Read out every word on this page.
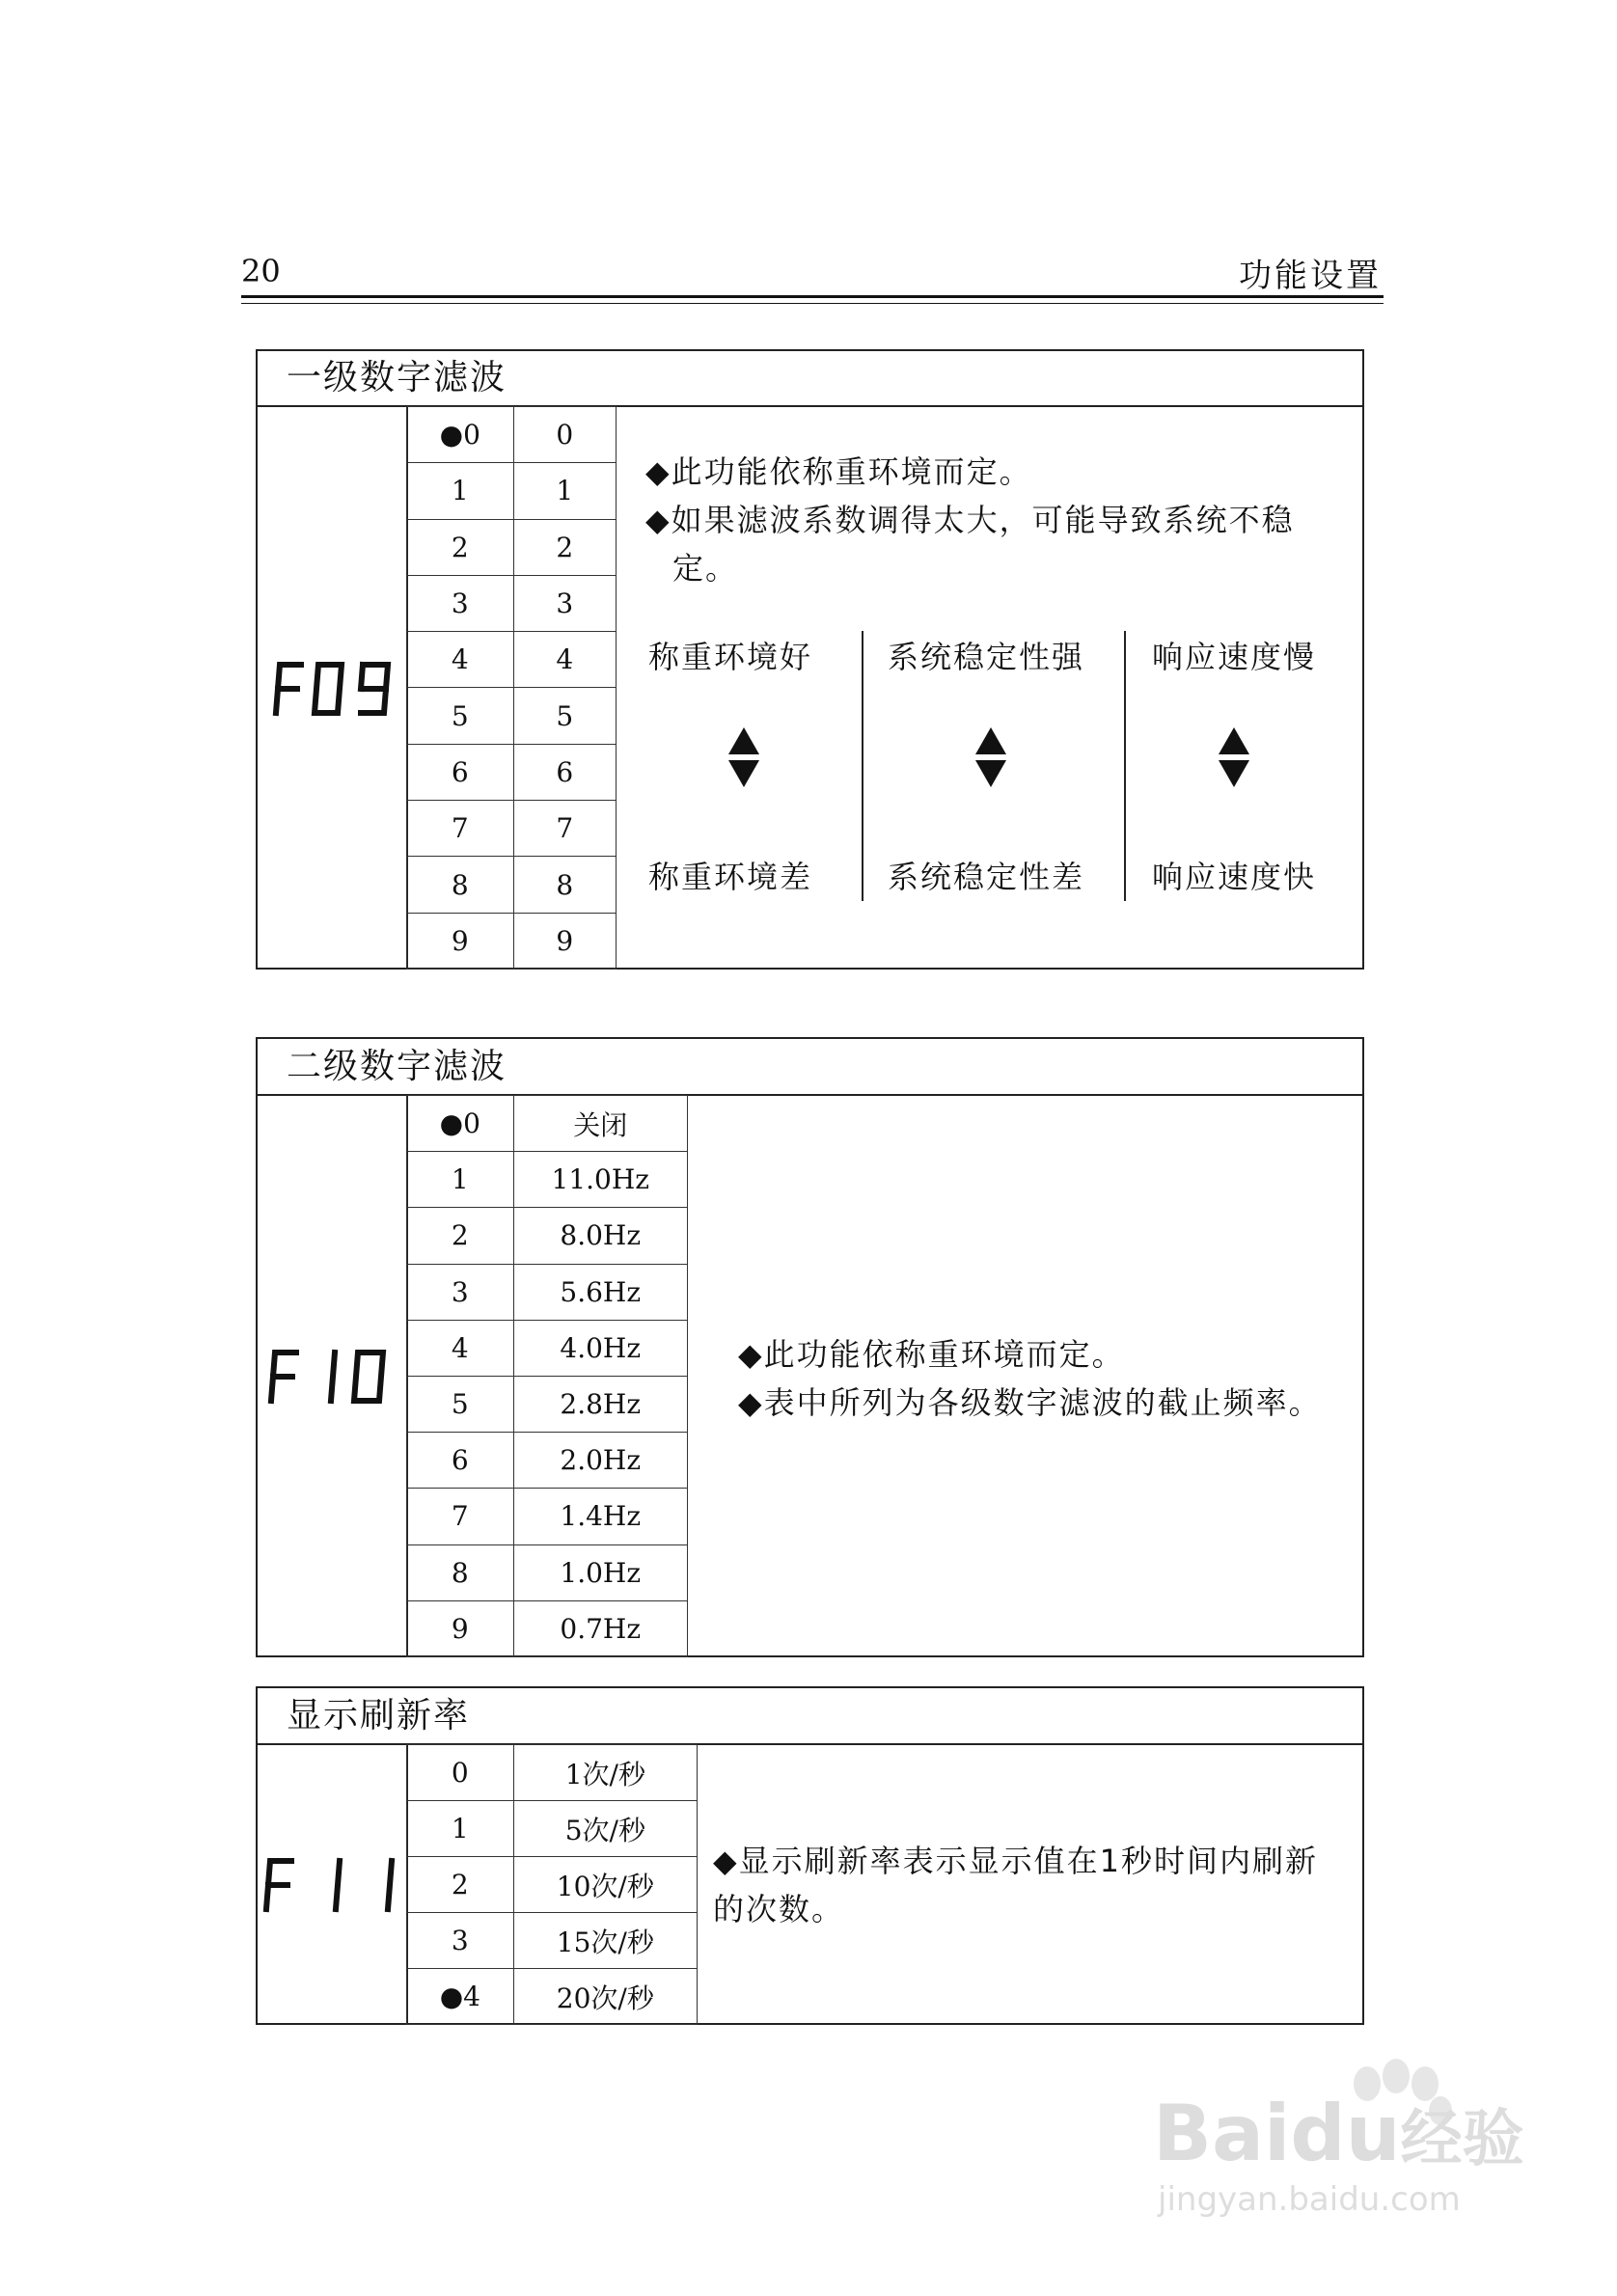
20	功能设置
一级数字滤波
●0	0
1	1
2	2
3	3
4	4
5	5
6	6
7	7
8	8
9	9
◆此功能依称重环境而定。
◆如果滤波系数调得太大，可能导致系统不稳
定。
称重环境好
称重环境差
系统稳定性强
系统稳定性差
响应速度慢
响应速度快
二级数字滤波
●0	关闭
1	11.0Hz
2	8.0Hz
3	5.6Hz
4	4.0Hz
5	2.8Hz
6	2.0Hz
7	1.4Hz
8	1.0Hz
9	0.7Hz
◆此功能依称重环境而定。
◆表中所列为各级数字滤波的截止频率。
显示刷新率
0	1次/秒
1	5次/秒
2	10次/秒
3	15次/秒
●4	20次/秒
◆显示刷新率表示显示值在1秒时间内刷新
的次数。
Baidu经验
jingyan.baidu.com
